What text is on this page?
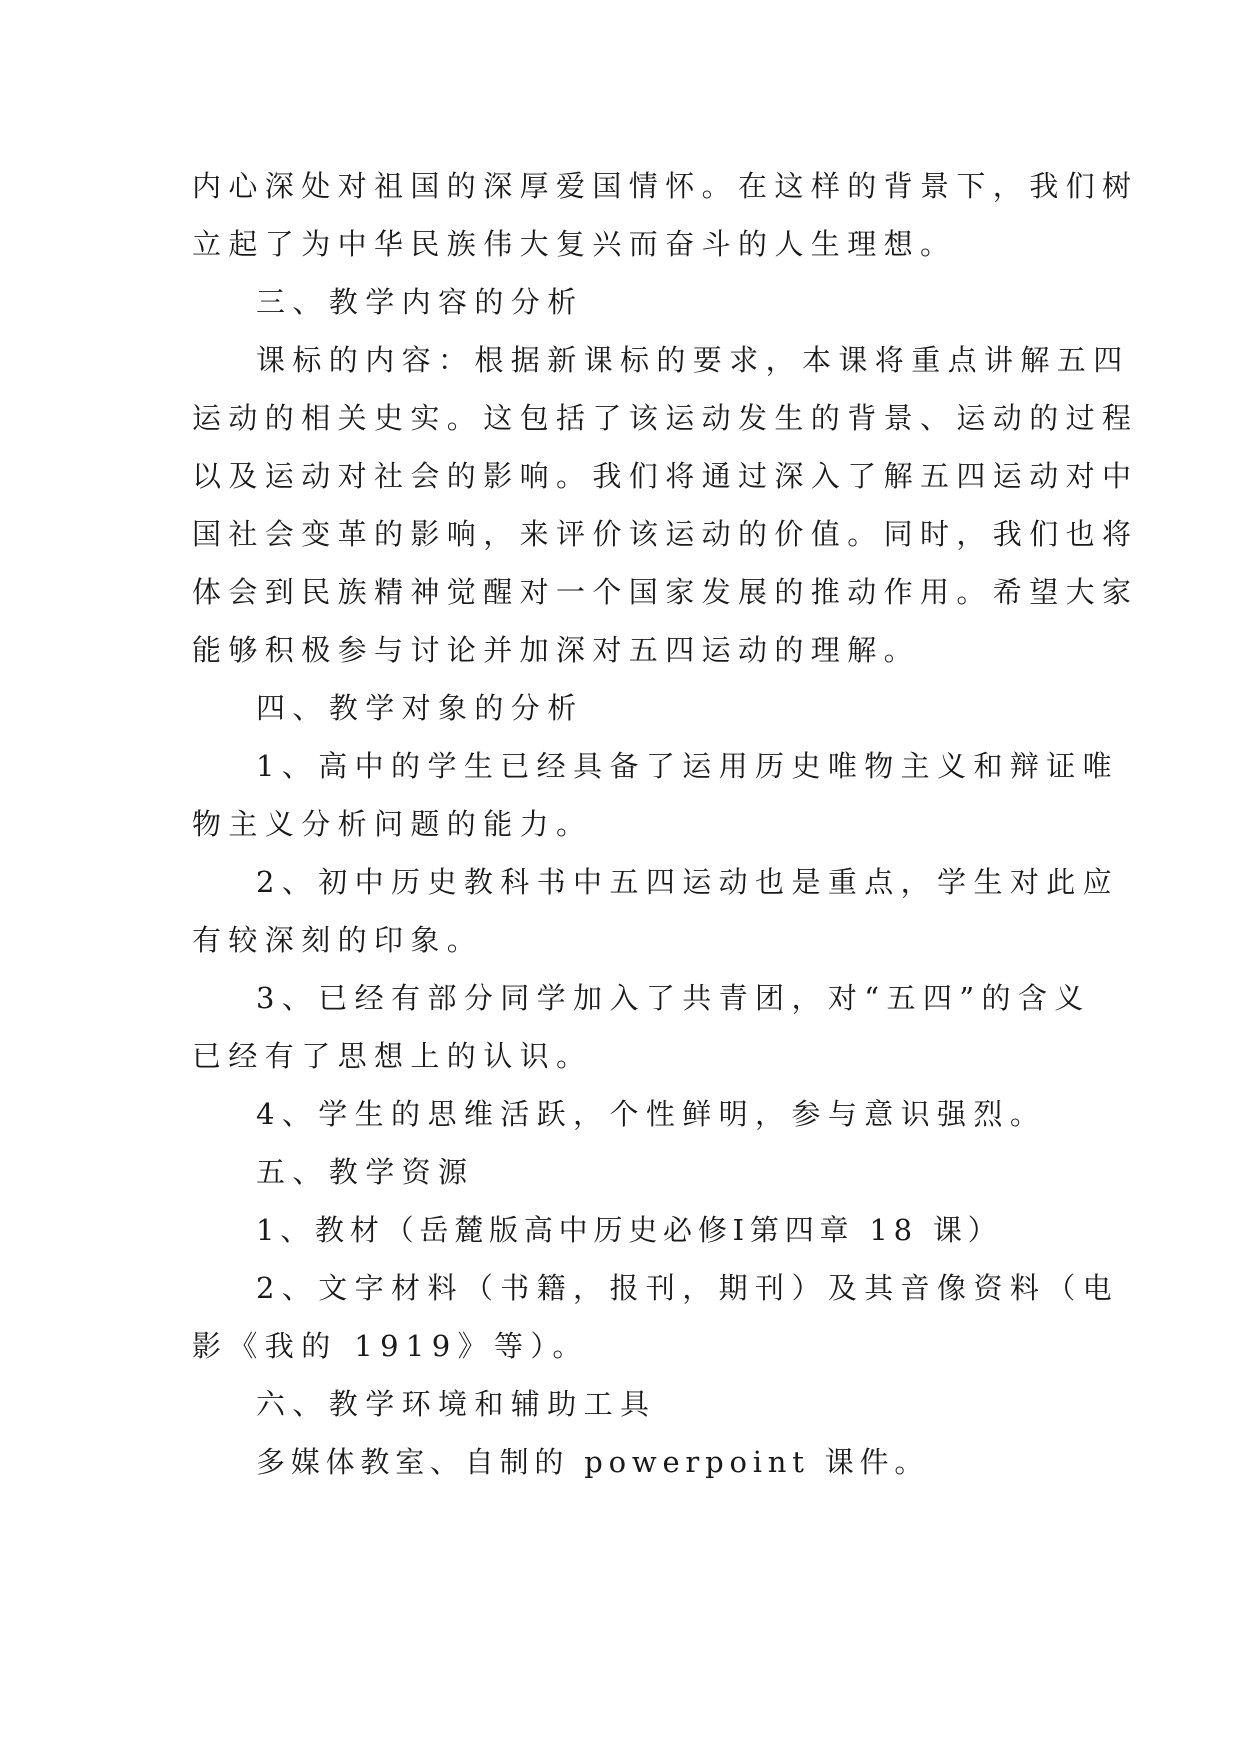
内心深处对祖国的深厚爱国情怀。在这样的背景下，我们树
立起了为中华民族伟大复兴而奋斗的人生理想。
三、教学内容的分析
课标的内容：根据新课标的要求，本课将重点讲解五四
运动的相关史实。这包括了该运动发生的背景、运动的过程
以及运动对社会的影响。我们将通过深入了解五四运动对中
国社会变革的影响，来评价该运动的价值。同时，我们也将
体会到民族精神觉醒对一个国家发展的推动作用。希望大家
能够积极参与讨论并加深对五四运动的理解。
四、教学对象的分析
1、高中的学生已经具备了运用历史唯物主义和辩证唯
物主义分析问题的能力。
2、初中历史教科书中五四运动也是重点，学生对此应
有较深刻的印象。
3、已经有部分同学加入了共青团，对“五四”的含义
已经有了思想上的认识。
4、学生的思维活跃，个性鲜明，参与意识强烈。
五、教学资源
1、教材（岳麓版高中历史必修Ⅰ第四章 18 课）
2、文字材料（书籍，报刊，期刊）及其音像资料（电
影《我的 1919》等）。
六、教学环境和辅助工具
多媒体教室、自制的 powerpoint 课件。
